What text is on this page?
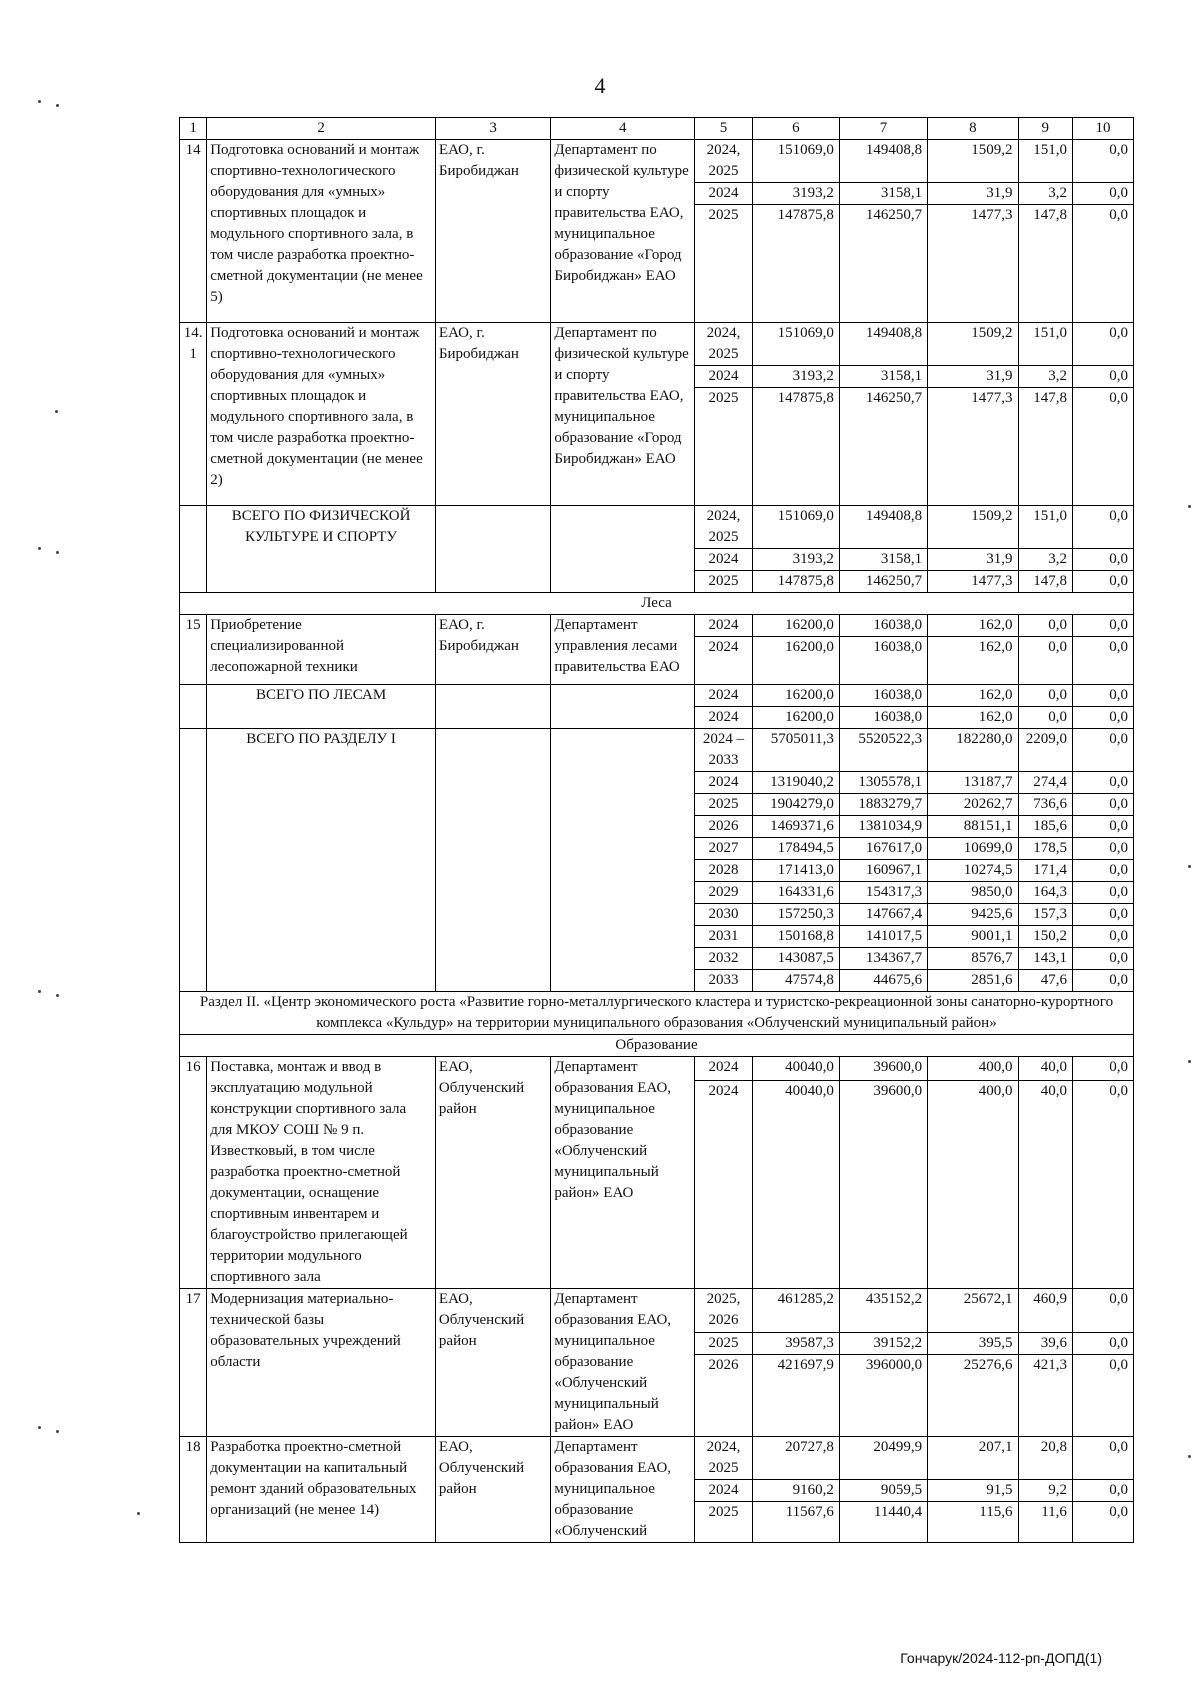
4
1	2	3	4	5	6	7	8	9	10
14	Подготовка оснований и монтаж спортивно-технологического оборудования для «умных» спортивных площадок и модульного спортивного зала, в том числе разработка проектно-сметной документации (не менее 5)	ЕАО, г. Биробиджан	Департамент по физической культуре и спорту правительства ЕАО, муниципальное образование «Город Биробиджан» ЕАО	2024, 2025	151069,0	149408,8	1509,2	151,0	0,0
				2024	3193,2	3158,1	31,9	3,2	0,0
				2025	147875,8	146250,7	1477,3	147,8	0,0
14.1	Подготовка оснований и монтаж спортивно-технологического оборудования для «умных» спортивных площадок и модульного спортивного зала, в том числе разработка проектно-сметной документации (не менее 2)	ЕАО, г. Биробиджан	Департамент по физической культуре и спорту правительства ЕАО, муниципальное образование «Город Биробиджан» ЕАО	2024, 2025	151069,0	149408,8	1509,2	151,0	0,0
				2024	3193,2	3158,1	31,9	3,2	0,0
				2025	147875,8	146250,7	1477,3	147,8	0,0
	ВСЕГО ПО ФИЗИЧЕСКОЙ КУЛЬТУРЕ И СПОРТУ			2024, 2025	151069,0	149408,8	1509,2	151,0	0,0
				2024	3193,2	3158,1	31,9	3,2	0,0
				2025	147875,8	146250,7	1477,3	147,8	0,0
Леса									
15	Приобретение специализированной лесопожарной техники	ЕАО, г. Биробиджан	Департамент управления лесами правительства ЕАО	2024	16200,0	16038,0	162,0	0,0	0,0
				2024	16200,0	16038,0	162,0	0,0	0,0
	ВСЕГО ПО ЛЕСАМ			2024	16200,0	16038,0	162,0	0,0	0,0
				2024	16200,0	16038,0	162,0	0,0	0,0
	ВСЕГО ПО РАЗДЕЛУ I			2024 – 2033	5705011,3	5520522,3	182280,0	2209,0	0,0
				2024	1319040,2	1305578,1	13187,7	274,4	0,0
				2025	1904279,0	1883279,7	20262,7	736,6	0,0
				2026	1469371,6	1381034,9	88151,1	185,6	0,0
				2027	178494,5	167617,0	10699,0	178,5	0,0
				2028	171413,0	160967,1	10274,5	171,4	0,0
				2029	164331,6	154317,3	9850,0	164,3	0,0
				2030	157250,3	147667,4	9425,6	157,3	0,0
				2031	150168,8	141017,5	9001,1	150,2	0,0
				2032	143087,5	134367,7	8576,7	143,1	0,0
				2033	47574,8	44675,6	2851,6	47,6	0,0
Раздел II. «Центр экономического роста «Развитие горно-металлургического кластера и туристско-рекреационной зоны санаторно-курортного комплекса «Кульдур» на территории муниципального образования «Облученский муниципальный район»									
Образование									
16	Поставка, монтаж и ввод в эксплуатацию модульной конструкции спортивного зала для МКОУ СОШ № 9 п. Известковый, в том числе разработка проектно-сметной документации, оснащение спортивным инвентарем и благоустройство прилегающей территории модульного спортивного зала	ЕАО, Облученский район	Департамент образования ЕАО, муниципальное образование «Облученский муниципальный район» ЕАО	2024	40040,0	39600,0	400,0	40,0	0,0
				2024	40040,0	39600,0	400,0	40,0	0,0
17	Модернизация материально-технической базы образовательных учреждений области	ЕАО, Облученский район	Департамент образования ЕАО, муниципальное образование «Облученский муниципальный район» ЕАО	2025, 2026	461285,2	435152,2	25672,1	460,9	0,0
				2025	39587,3	39152,2	395,5	39,6	0,0
				2026	421697,9	396000,0	25276,6	421,3	0,0
18	Разработка проектно-сметной документации на капитальный ремонт зданий образовательных организаций (не менее 14)	ЕАО, Облученский район	Департамент образования ЕАО, муниципальное образование «Облученский	2024, 2025	20727,8	20499,9	207,1	20,8	0,0
				2024	9160,2	9059,5	91,5	9,2	0,0
				2025	11567,6	11440,4	115,6	11,6	0,0
Гончарук/2024-112-рп-ДОПД(1)
